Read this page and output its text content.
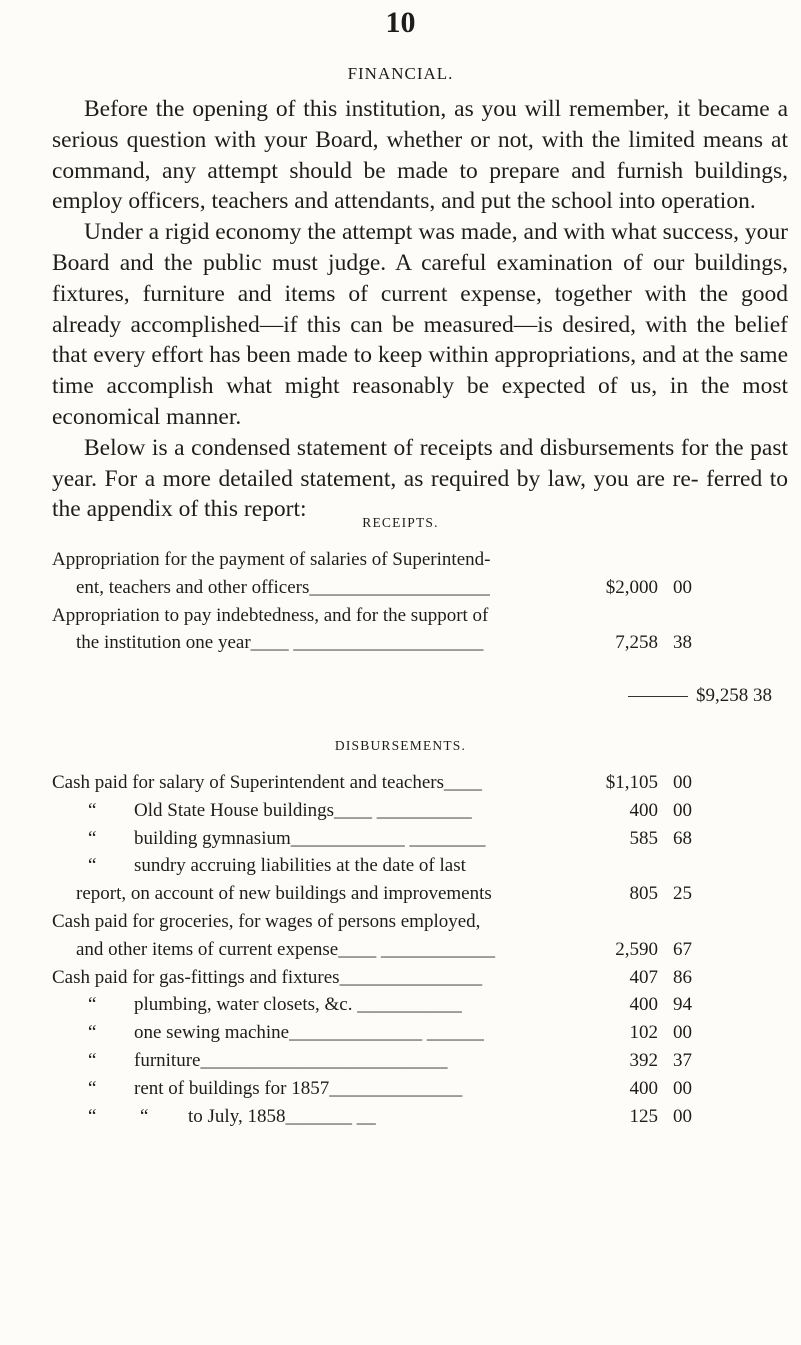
10
FINANCIAL.

Before the opening of this institution, as you will remember, it became a serious question with your Board, whether or not, with the limited means at command, any attempt should be made to prepare and furnish buildings, employ officers, teachers and attendants, and put the school into operation.

Under a rigid economy the attempt was made, and with what success, your Board and the public must judge. A careful examination of our buildings, fixtures, furniture and items of current expense, together with the good already accomplished—if this can be measured—is desired, with the belief that every effort has been made to keep within appropriations, and at the same time accomplish what might reasonably be expected of us, in the most economical manner.

Below is a condensed statement of receipts and disbursements for the past year. For a more detailed statement, as required by law, you are re- ferred to the appendix of this report:

RECEIPTS.
Appropriation for the payment of salaries of Superintend-
ent, teachers and other officers___________________	$2,000 00
Appropriation to pay indebtedness, and for the support of
the institution one year____ ____________________	7,258 38
$9,258 38
DISBURSEMENTS.
Cash paid for salary of Superintendent and teachers____	$1,105 00
“ Old State House buildings____ __________	400 00
“ building gymnasium____________ ________	585 68
“ sundry accruing liabilities at the date of last
report, on account of new buildings and improvements	805 25
Cash paid for groceries, for wages of persons employed,
and other items of current expense____ ____________	2,590 67
Cash paid for gas-fittings and fixtures_______________	407 86
“ plumbing, water closets, &c. ___________	400 94
“ one sewing machine______________ ______	102 00
“ furniture__________________________	392 37
“ rent of buildings for 1857______________	400 00
“ “ to July, 1858_______ __	125 00
